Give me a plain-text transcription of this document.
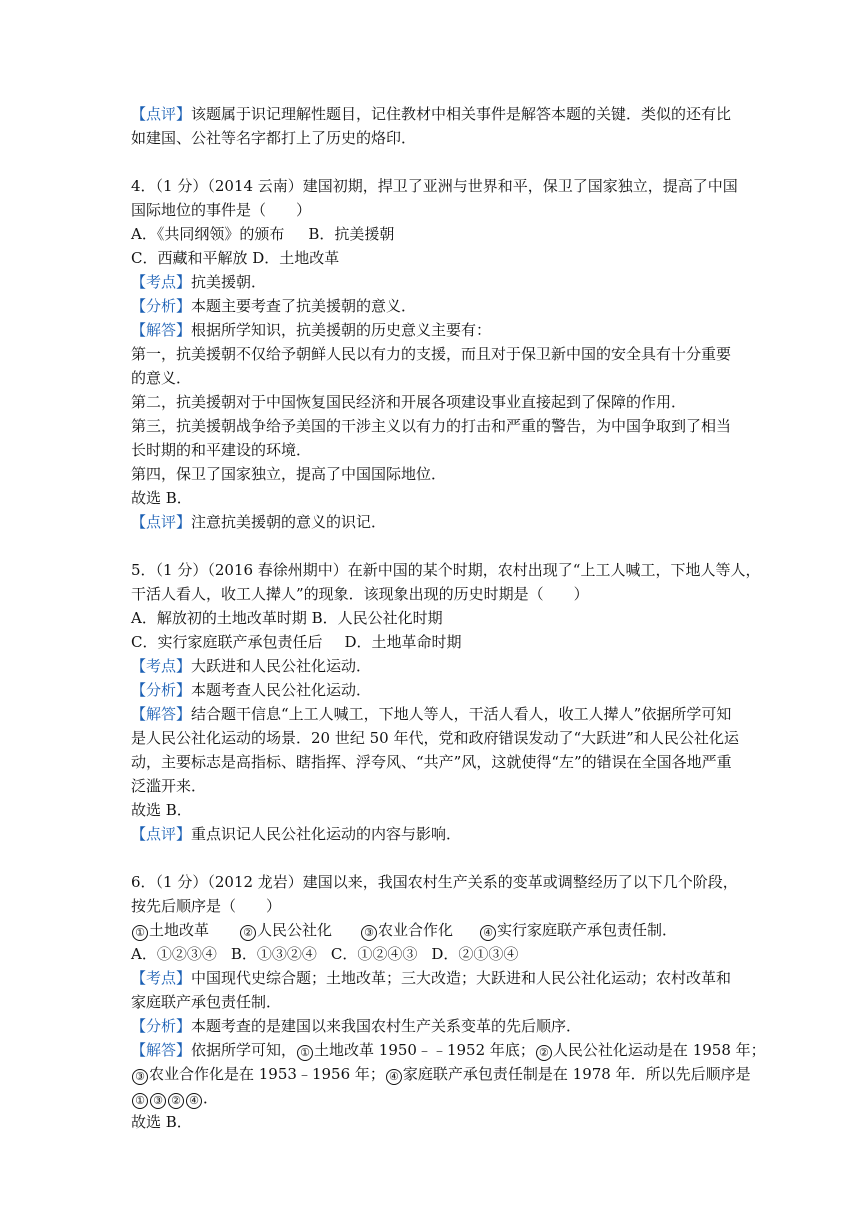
【点评】该题属于识记理解性题目，记住教材中相关事件是解答本题的关键．类似的还有比
如建国、公社等名字都打上了历史的烙印．
4．（1 分）（2014 云南）建国初期，捍卫了亚洲与世界和平，保卫了国家独立，提高了中国
国际地位的事件是（　　）
A．《共同纲领》的颁布 B．抗美援朝
C．西藏和平解放 D．土地改革
【考点】抗美援朝．
【分析】本题主要考查了抗美援朝的意义．
【解答】根据所学知识，抗美援朝的历史意义主要有：
第一，抗美援朝不仅给予朝鲜人民以有力的支援，而且对于保卫新中国的安全具有十分重要
的意义．
第二，抗美援朝对于中国恢复国民经济和开展各项建设事业直接起到了保障的作用．
第三，抗美援朝战争给予美国的干涉主义以有力的打击和严重的警告，为中国争取到了相当
长时期的和平建设的环境．
第四，保卫了国家独立，提高了中国国际地位．
故选 B．
【点评】注意抗美援朝的意义的识记．
5．（1 分）（2016 春徐州期中）在新中国的某个时期，农村出现了“上工人喊工，下地人等人，
干活人看人，收工人撵人”的现象．该现象出现的历史时期是（　　）
A．解放初的土地改革时期 B．人民公社化时期
C．实行家庭联产承包责任后 D．土地革命时期
【考点】大跃进和人民公社化运动．
【分析】本题考查人民公社化运动．
【解答】结合题干信息“上工人喊工，下地人等人，干活人看人，收工人撵人”依据所学可知
是人民公社化运动的场景．20 世纪 50 年代，党和政府错误发动了“大跃进”和人民公社化运
动，主要标志是高指标、瞎指挥、浮夸风、“共产”风，这就使得“左”的错误在全国各地严重
泛滥开来．
故选 B．
【点评】重点识记人民公社化运动的内容与影响．
6．（1 分）（2012 龙岩）建国以来，我国农村生产关系的变革或调整经历了以下几个阶段，
按先后顺序是（　　）
① 土地改革	② 人民公社化	③ 农业合作化	④ 实行家庭联产承包责任制．
A．①②③④ B．①③②④ C．①②④③ D．②①③④
【考点】中国现代史综合题；土地改革；三大改造；大跃进和人民公社化运动；农村改革和
家庭联产承包责任制．
【分析】本题考查的是建国以来我国农村生产关系变革的先后顺序．
【解答】依据所学可知， ① 土地改革 1950﹣﹣1952 年底； ② 人民公社化运动是在 1958 年；
③ 农业合作化是在 1953﹣1956 年； ④ 家庭联产承包责任制是在 1978 年．所以先后顺序是
① ③ ② ④ ．
故选 B．
